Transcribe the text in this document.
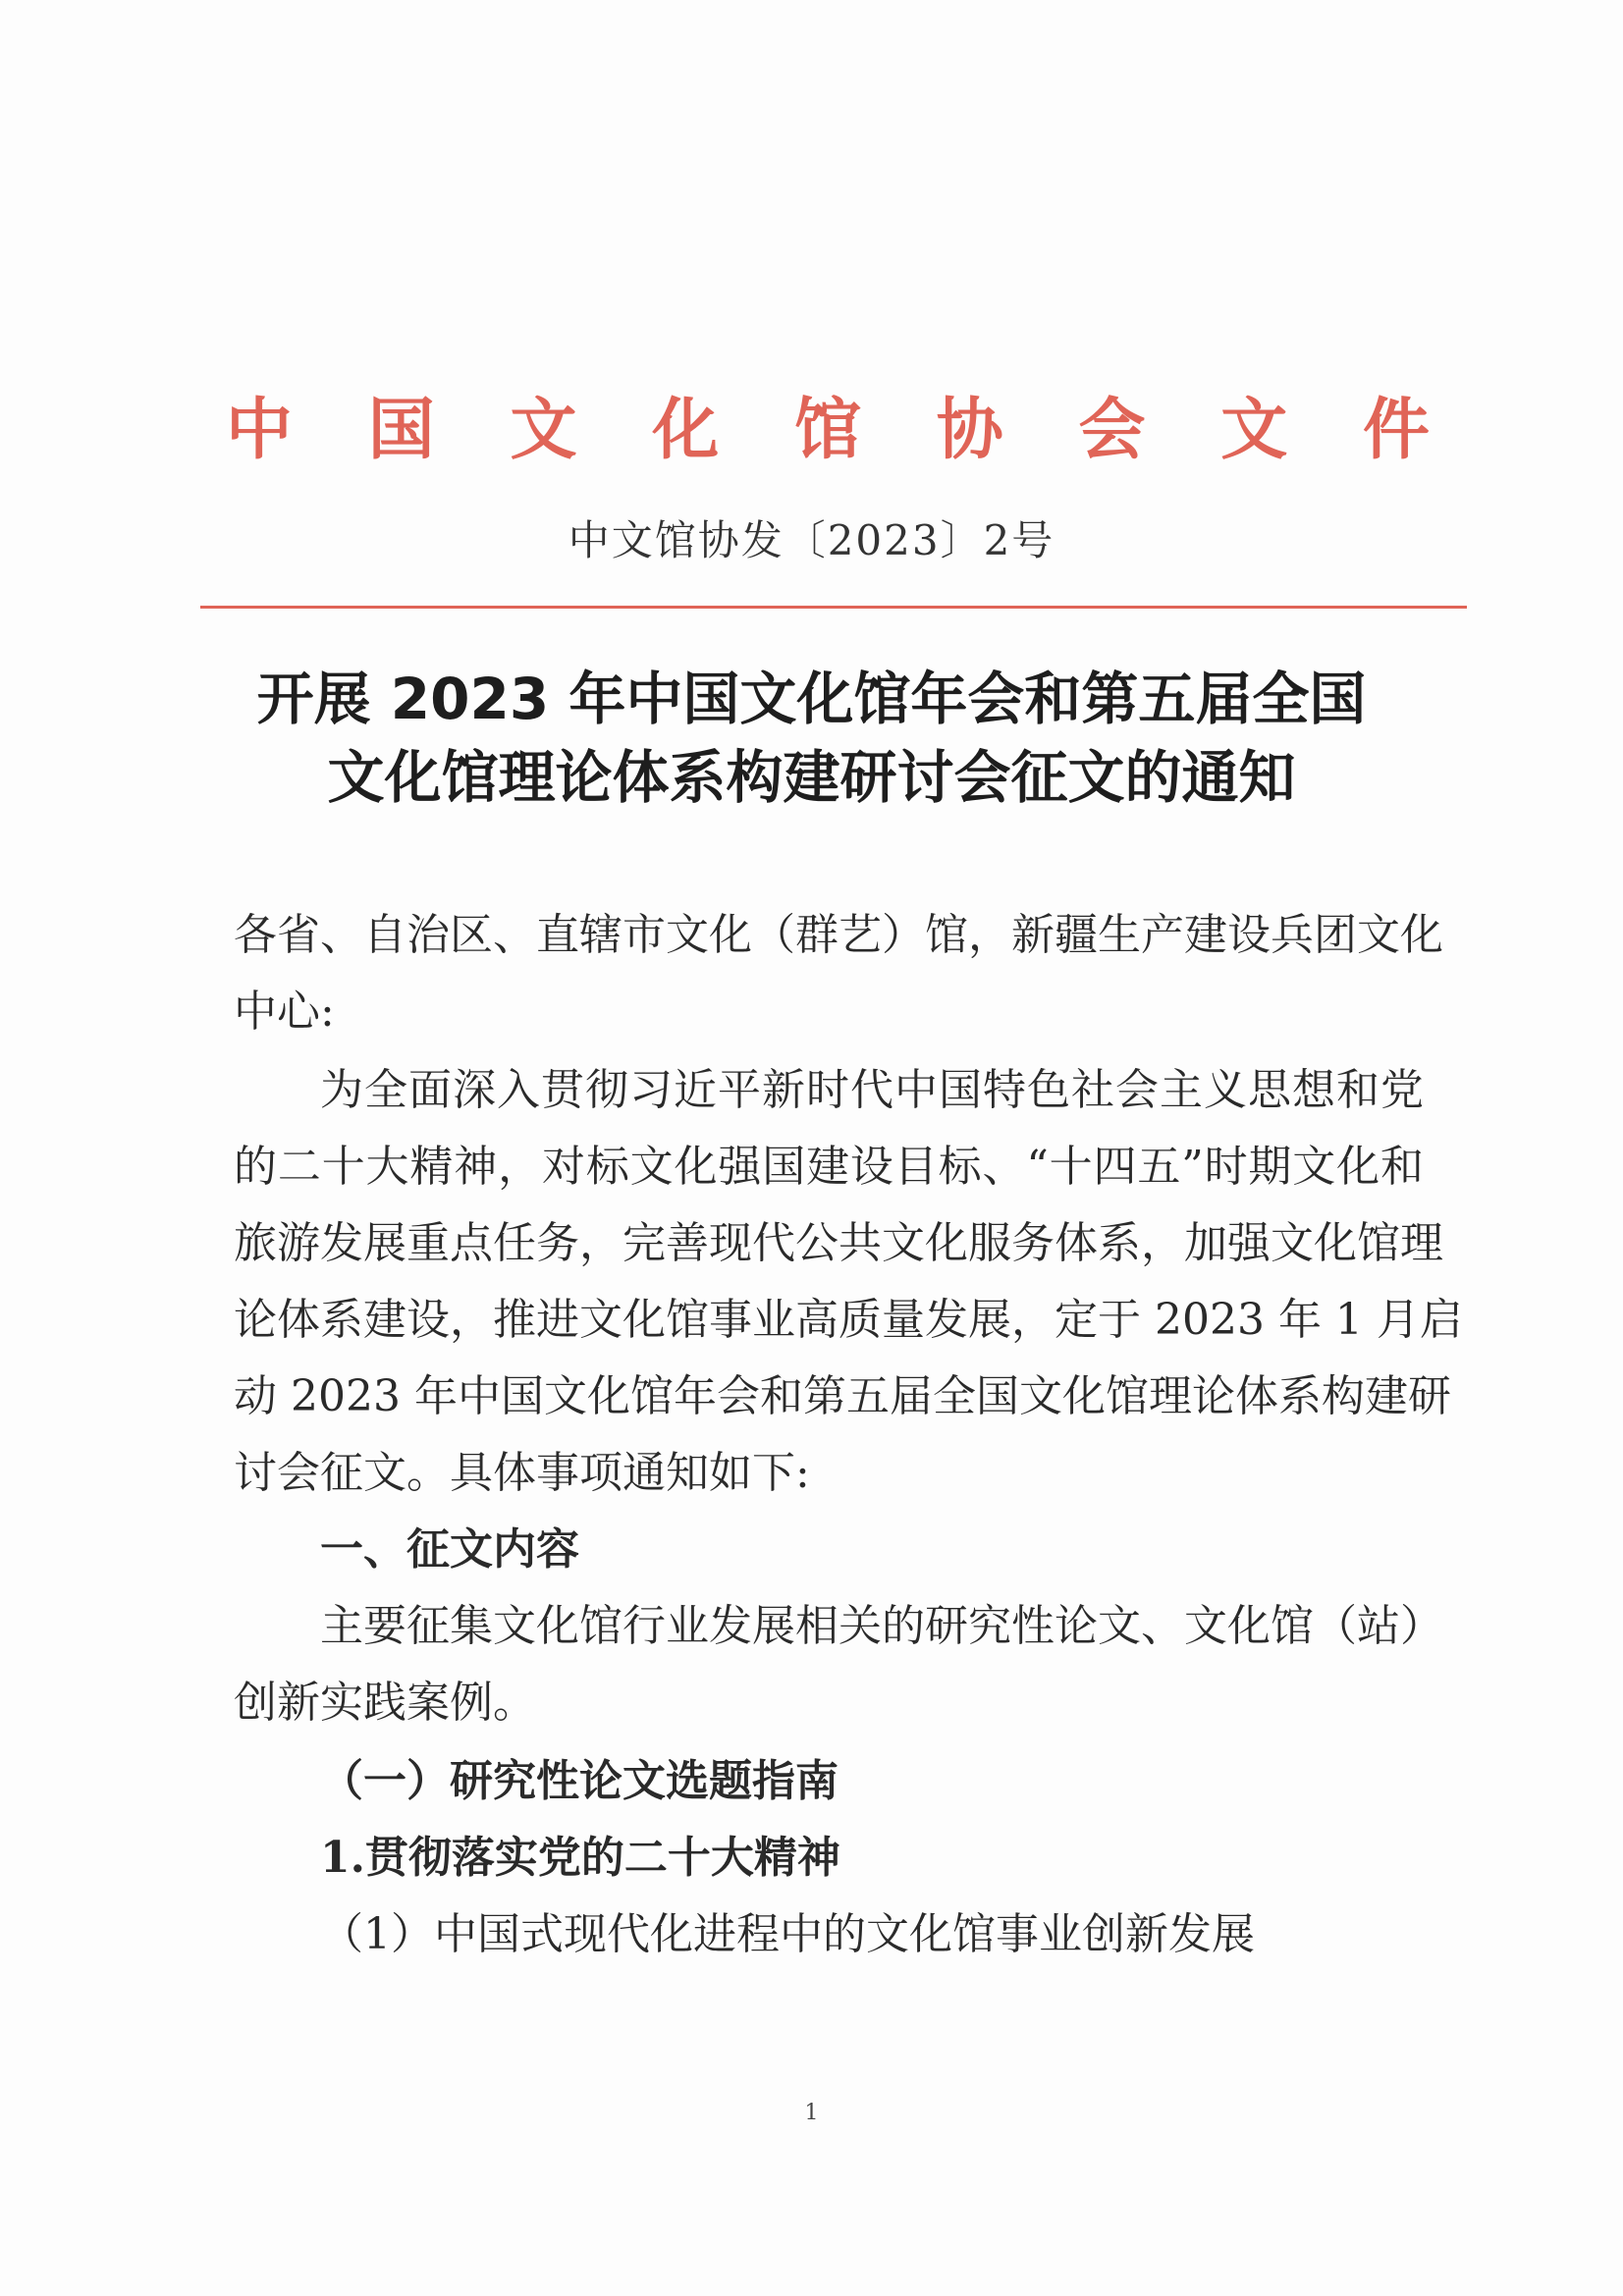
中 国 文 化 馆 协 会 文 件
中文馆协发〔2023〕2号
开展 2023 年中国文化馆年会和第五届全国
文化馆理论体系构建研讨会征文的通知
各省、自治区、直辖市文化（群艺）馆，新疆生产建设兵团文化
中心:
为全面深入贯彻习近平新时代中国特色社会主义思想和党
的二十大精神，对标文化强国建设目标、“十四五”时期文化和
旅游发展重点任务，完善现代公共文化服务体系，加强文化馆理
论体系建设，推进文化馆事业高质量发展，定于 2023 年 1 月启
动 2023 年中国文化馆年会和第五届全国文化馆理论体系构建研
讨会征文。具体事项通知如下:
一、征文内容
主要征集文化馆行业发展相关的研究性论文、文化馆（站）
创新实践案例。
（一）研究性论文选题指南
1.贯彻落实党的二十大精神
（1）中国式现代化进程中的文化馆事业创新发展
1
